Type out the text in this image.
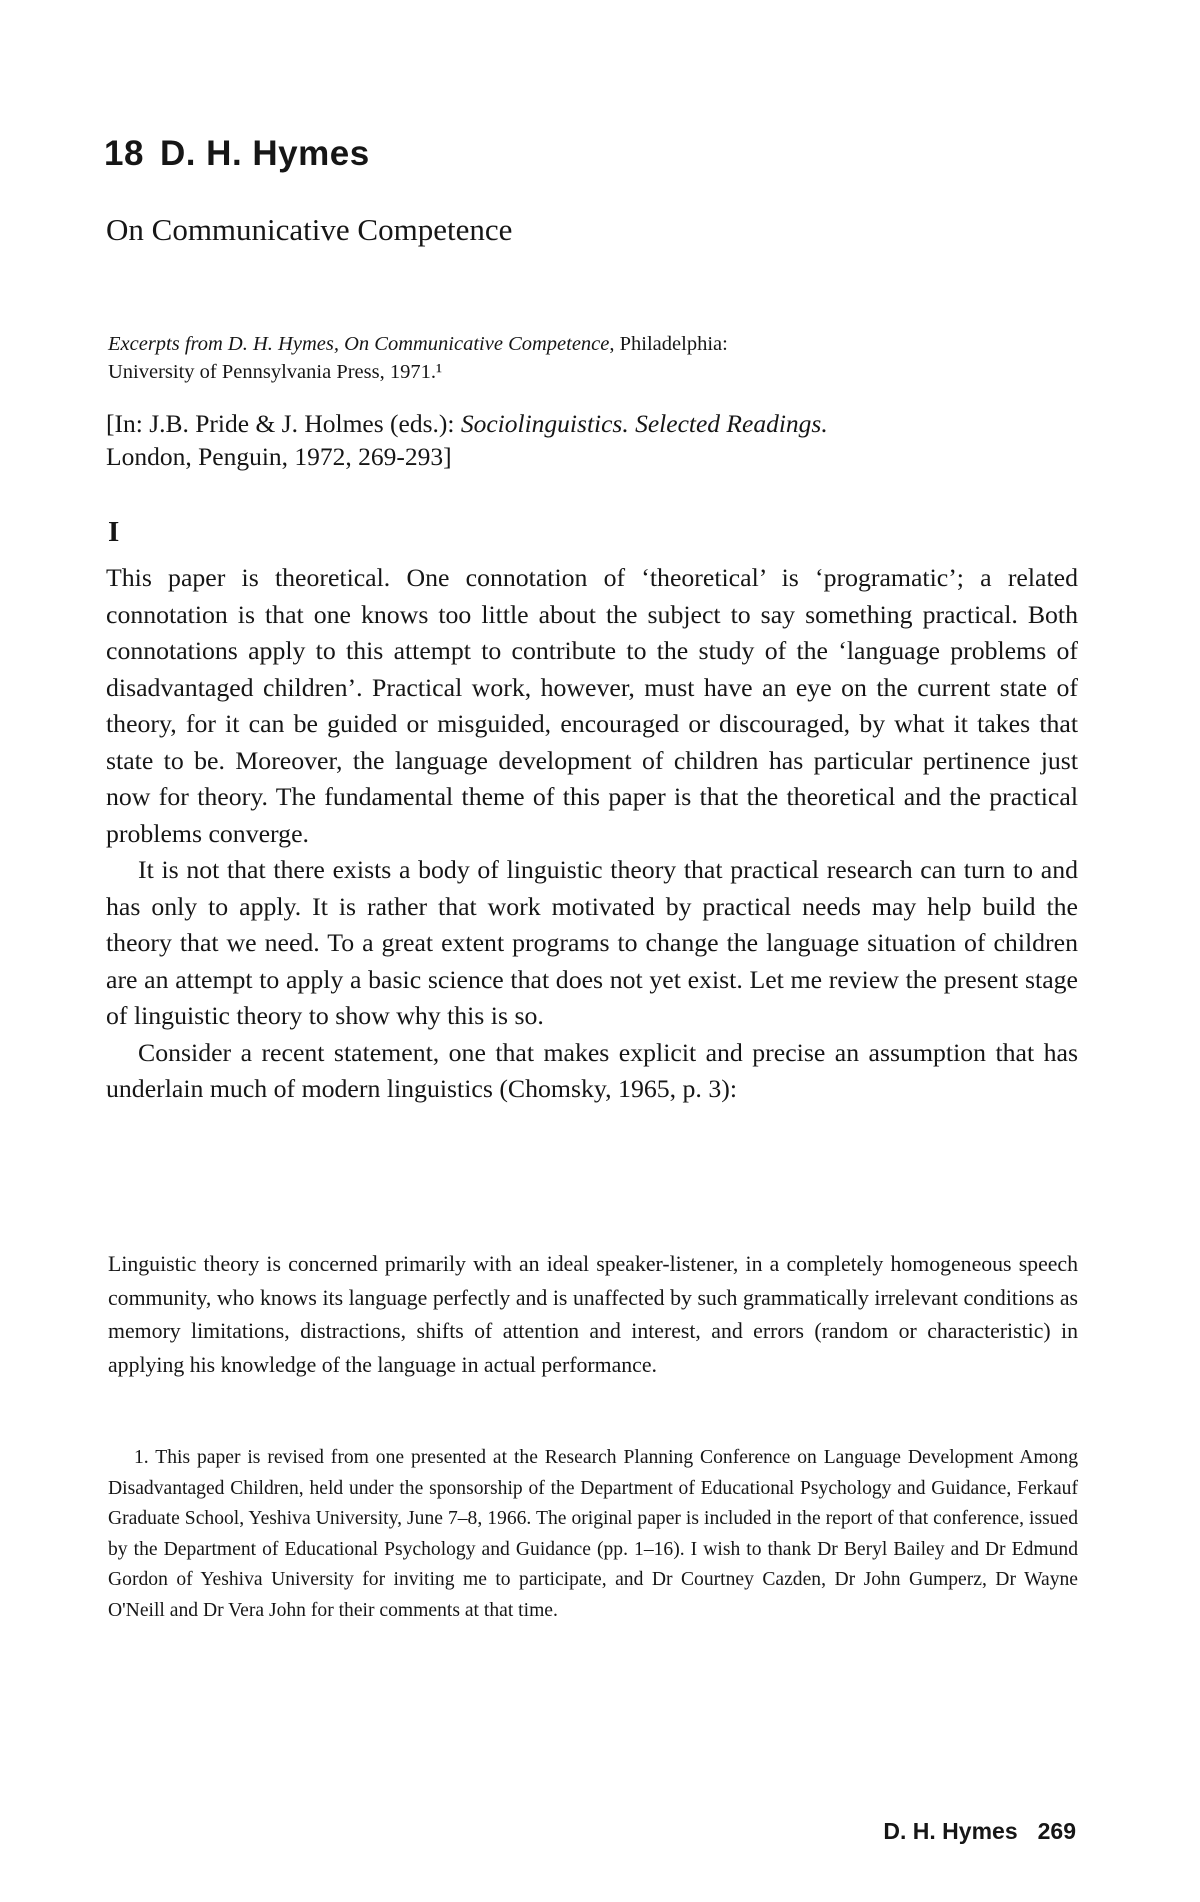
18 D. H. Hymes
On Communicative Competence
Excerpts from D. H. Hymes, On Communicative Competence, Philadelphia:
University of Pennsylvania Press, 1971.¹
[In: J.B. Pride & J. Holmes (eds.): Sociolinguistics. Selected Readings.
London, Penguin, 1972, 269-293]
I

This paper is theoretical. One connotation of ‘theoretical’ is ‘programatic’; a related connotation is that one knows too little about the subject to say something practical. Both connotations apply to this attempt to contribute to the study of the ‘language problems of disadvantaged children’. Practical work, however, must have an eye on the current state of theory, for it can be guided or misguided, encouraged or discouraged, by what it takes that state to be. Moreover, the language development of children has particular pertinence just now for theory. The fundamental theme of this paper is that the theoretical and the practical problems converge.

It is not that there exists a body of linguistic theory that practical research can turn to and has only to apply. It is rather that work motivated by practical needs may help build the theory that we need. To a great extent programs to change the language situation of children are an attempt to apply a basic science that does not yet exist. Let me review the present stage of linguistic theory to show why this is so.

Consider a recent statement, one that makes explicit and precise an assumption that has underlain much of modern linguistics (Chomsky, 1965, p. 3):

Linguistic theory is concerned primarily with an ideal speaker-listener, in a completely homogeneous speech community, who knows its language perfectly and is unaffected by such grammatically irrelevant conditions as memory limitations, distractions, shifts of attention and interest, and errors (random or characteristic) in applying his knowledge of the language in actual performance.
1. This paper is revised from one presented at the Research Planning Conference on Language Development Among Disadvantaged Children, held under the sponsorship of the Department of Educational Psychology and Guidance, Ferkauf Graduate School, Yeshiva University, June 7–8, 1966. The original paper is included in the report of that conference, issued by the Department of Educational Psychology and Guidance (pp. 1–16). I wish to thank Dr Beryl Bailey and Dr Edmund Gordon of Yeshiva University for inviting me to participate, and Dr Courtney Cazden, Dr John Gumperz, Dr Wayne O'Neill and Dr Vera John for their comments at that time.
D. H. Hymes 269
